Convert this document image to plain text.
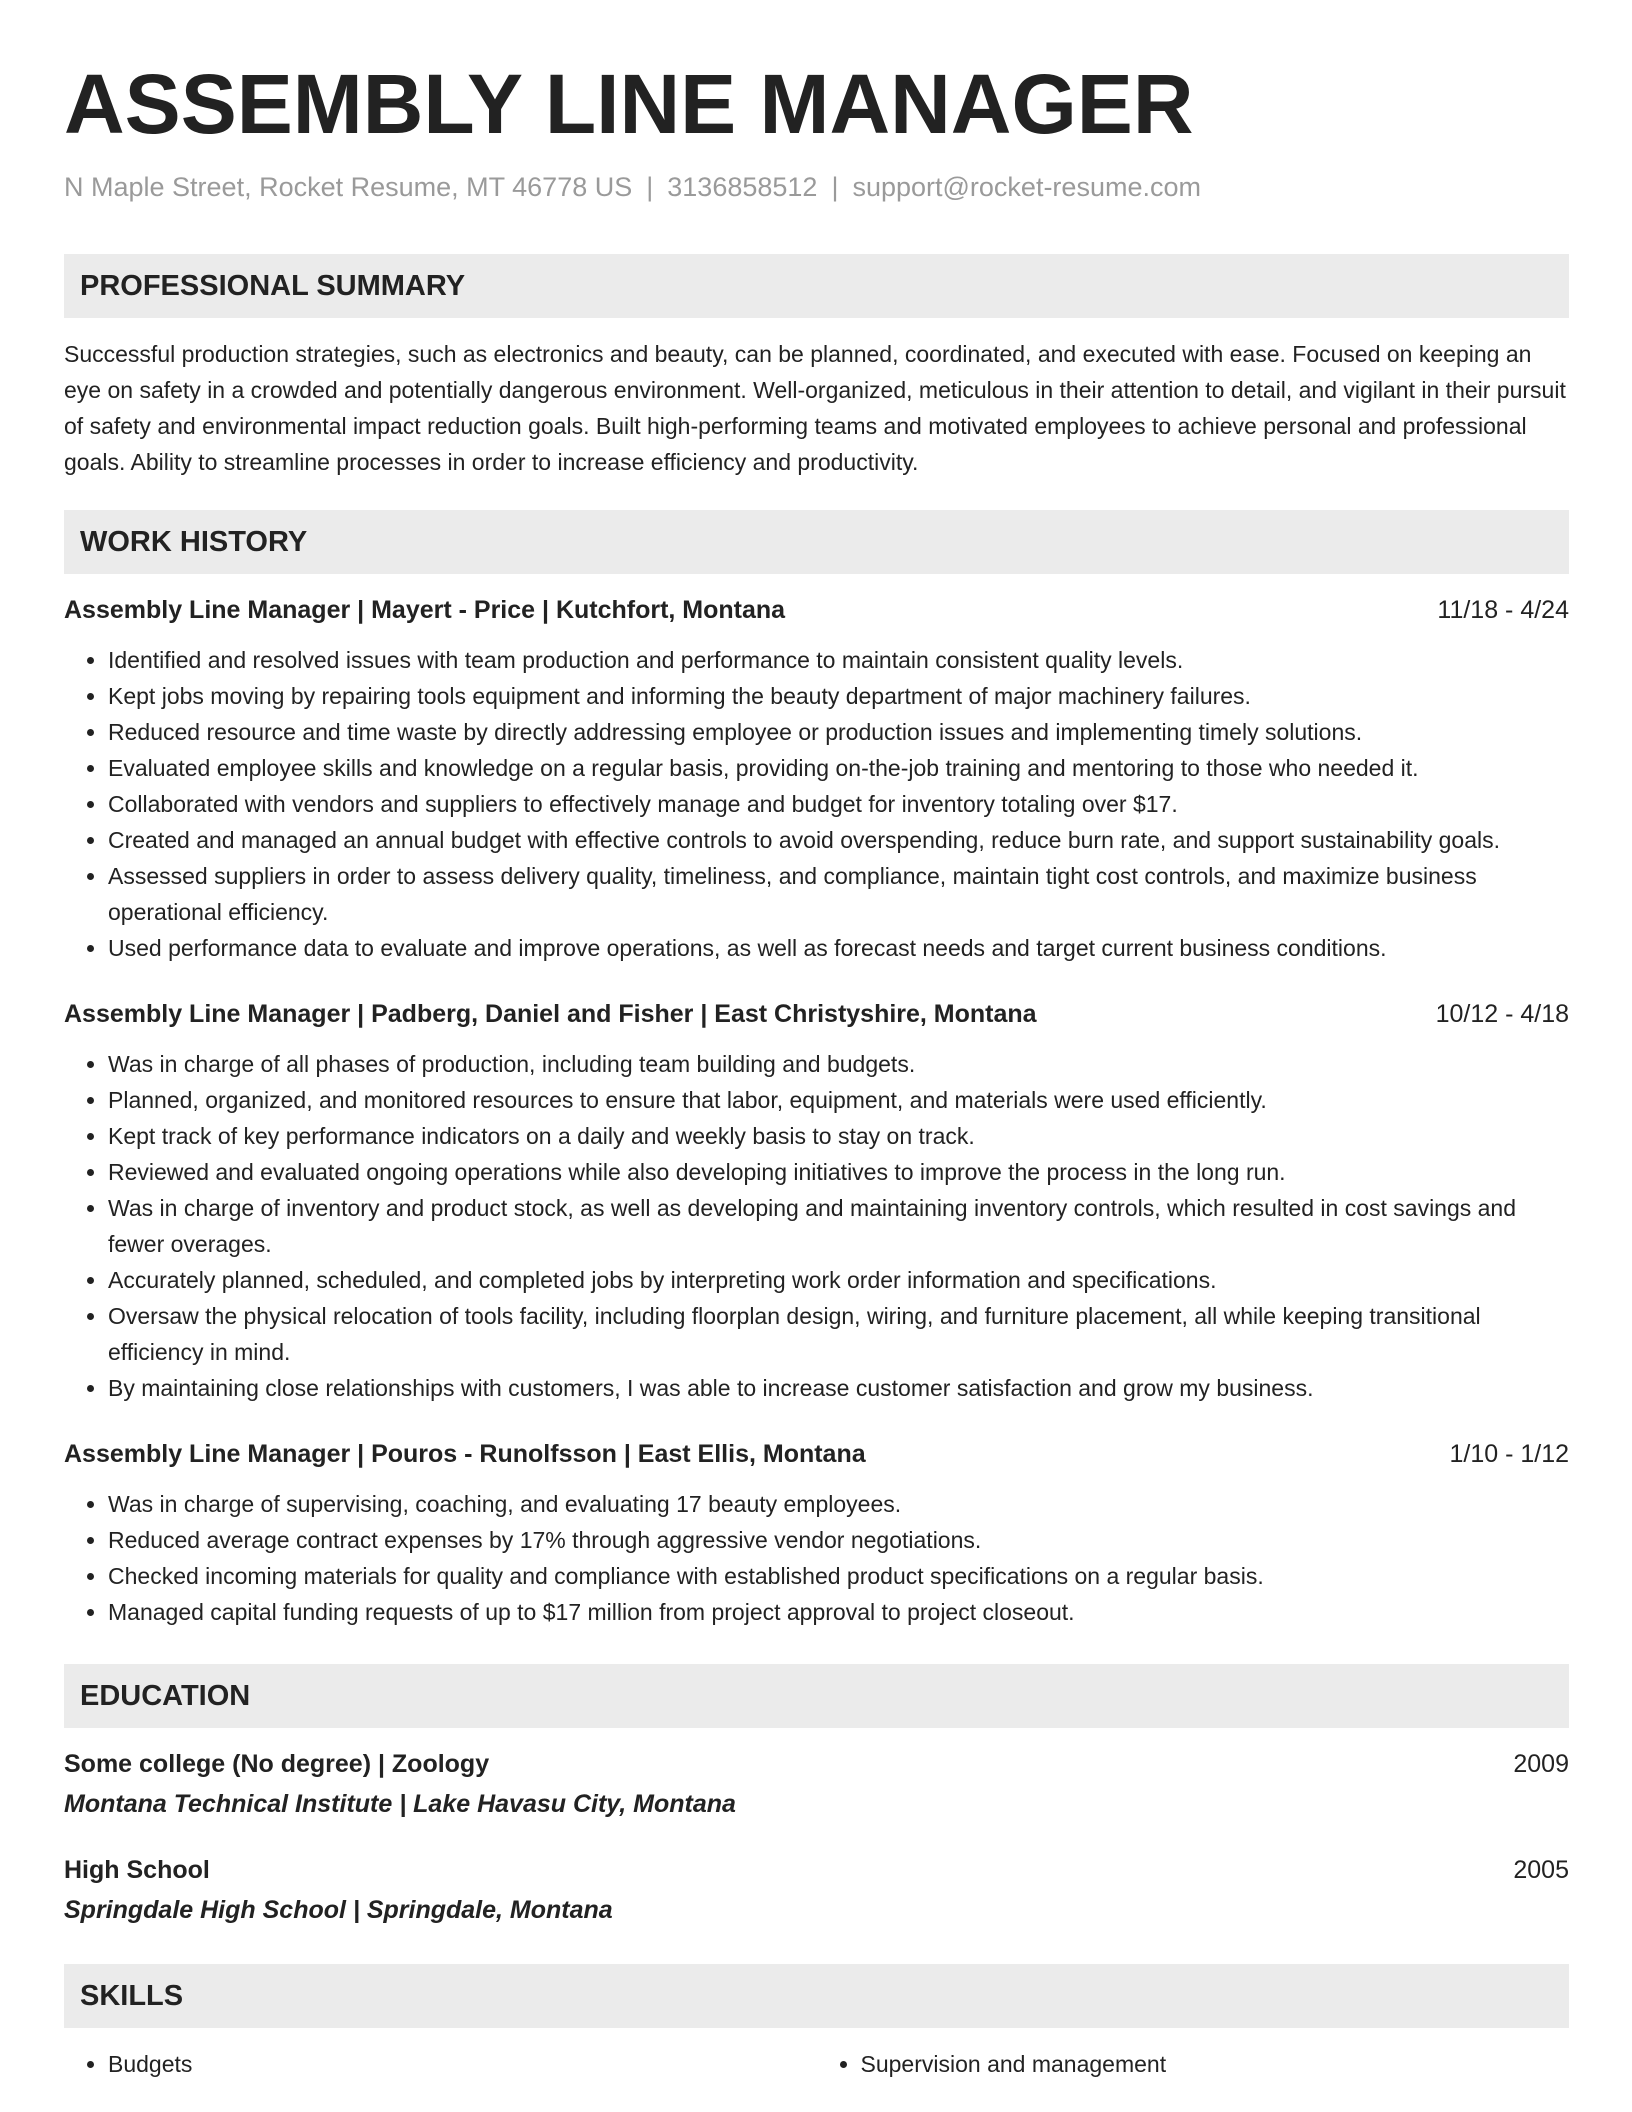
ASSEMBLY LINE MANAGER
N Maple Street, Rocket Resume, MT 46778 US | 3136858512 | support@rocket-resume.com
PROFESSIONAL SUMMARY
Successful production strategies, such as electronics and beauty, can be planned, coordinated, and executed with ease. Focused on keeping an eye on safety in a crowded and potentially dangerous environment. Well-organized, meticulous in their attention to detail, and vigilant in their pursuit of safety and environmental impact reduction goals. Built high-performing teams and motivated employees to achieve personal and professional goals. Ability to streamline processes in order to increase efficiency and productivity.
WORK HISTORY
Assembly Line Manager | Mayert - Price | Kutchfort, Montana	11/18 - 4/24
• Identified and resolved issues with team production and performance to maintain consistent quality levels.
• Kept jobs moving by repairing tools equipment and informing the beauty department of major machinery failures.
• Reduced resource and time waste by directly addressing employee or production issues and implementing timely solutions.
• Evaluated employee skills and knowledge on a regular basis, providing on-the-job training and mentoring to those who needed it.
• Collaborated with vendors and suppliers to effectively manage and budget for inventory totaling over $17.
• Created and managed an annual budget with effective controls to avoid overspending, reduce burn rate, and support sustainability goals.
• Assessed suppliers in order to assess delivery quality, timeliness, and compliance, maintain tight cost controls, and maximize business operational efficiency.
• Used performance data to evaluate and improve operations, as well as forecast needs and target current business conditions.
Assembly Line Manager | Padberg, Daniel and Fisher | East Christyshire, Montana	10/12 - 4/18
• Was in charge of all phases of production, including team building and budgets.
• Planned, organized, and monitored resources to ensure that labor, equipment, and materials were used efficiently.
• Kept track of key performance indicators on a daily and weekly basis to stay on track.
• Reviewed and evaluated ongoing operations while also developing initiatives to improve the process in the long run.
• Was in charge of inventory and product stock, as well as developing and maintaining inventory controls, which resulted in cost savings and fewer overages.
• Accurately planned, scheduled, and completed jobs by interpreting work order information and specifications.
• Oversaw the physical relocation of tools facility, including floorplan design, wiring, and furniture placement, all while keeping transitional efficiency in mind.
• By maintaining close relationships with customers, I was able to increase customer satisfaction and grow my business.
Assembly Line Manager | Pouros - Runolfsson | East Ellis, Montana	1/10 - 1/12
• Was in charge of supervising, coaching, and evaluating 17 beauty employees.
• Reduced average contract expenses by 17% through aggressive vendor negotiations.
• Checked incoming materials for quality and compliance with established product specifications on a regular basis.
• Managed capital funding requests of up to $17 million from project approval to project closeout.
EDUCATION
Some college (No degree) | Zoology	2009
Montana Technical Institute | Lake Havasu City, Montana
High School	2005
Springdale High School | Springdale, Montana
SKILLS
• Budgets
•	Supervision and management
